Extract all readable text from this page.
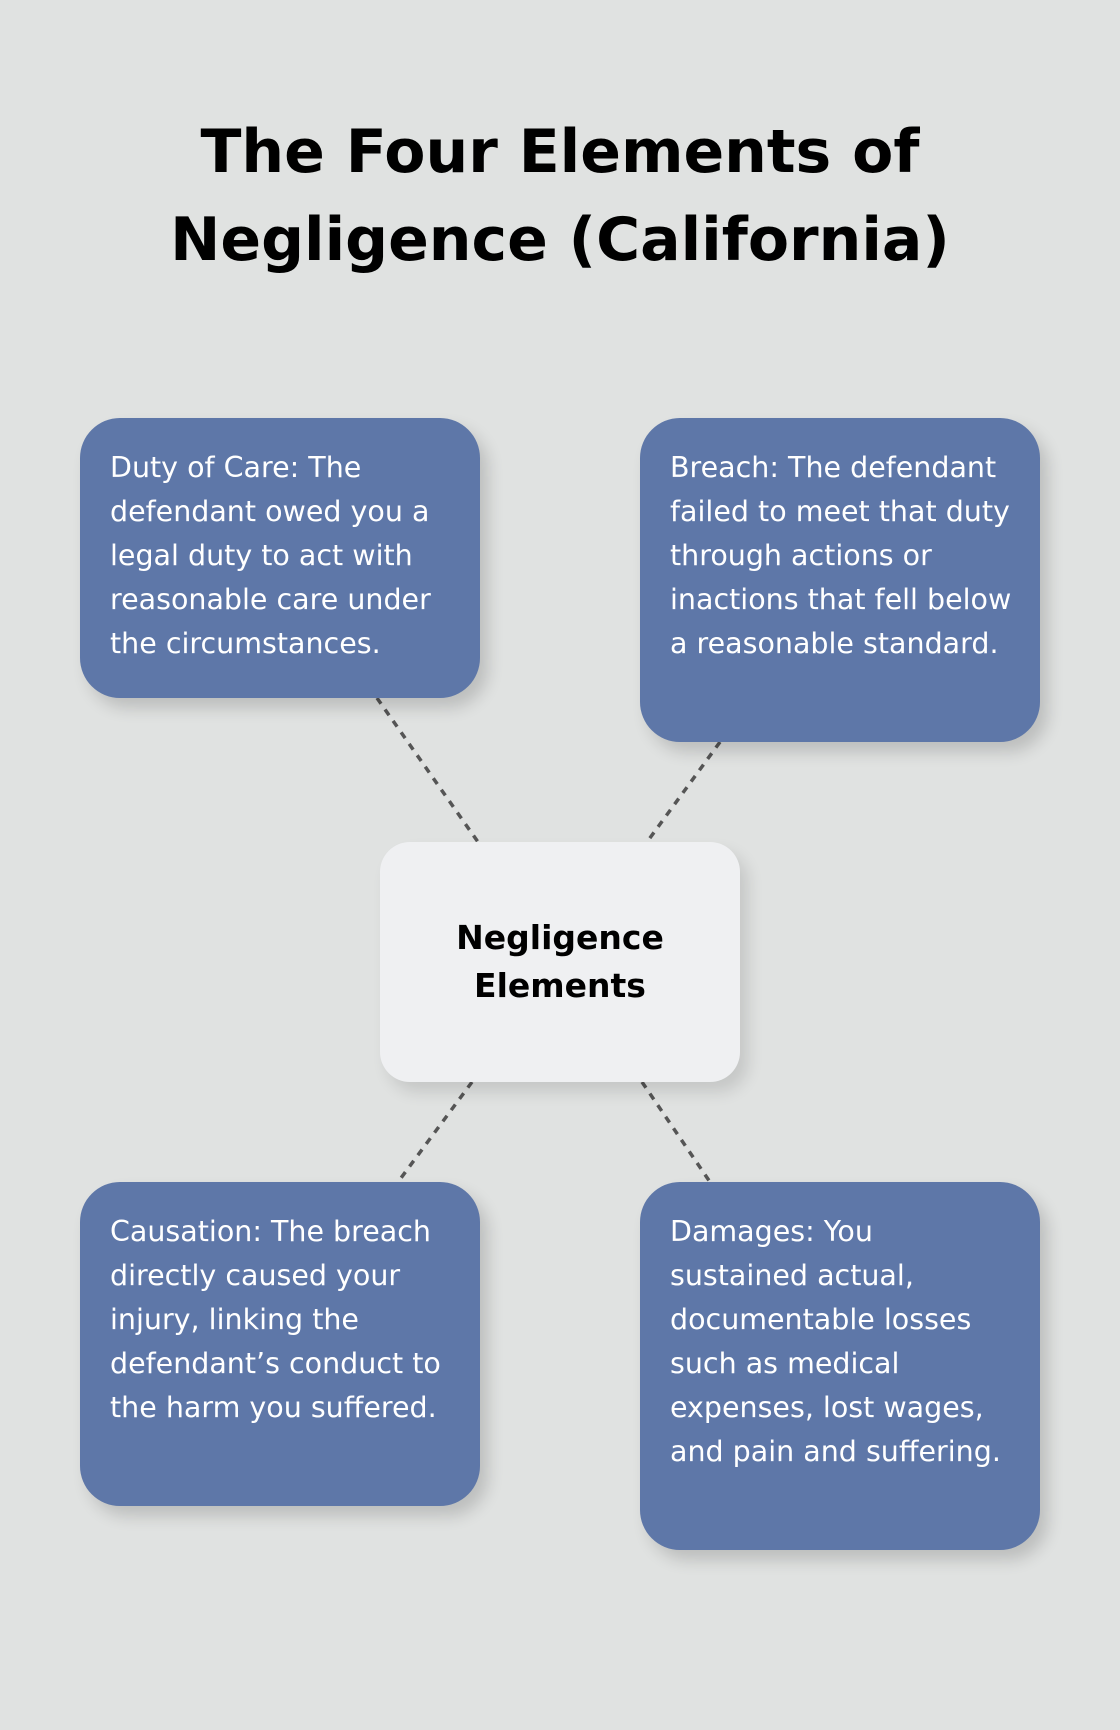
The Four Elements of
Negligence (California)
Duty of Care: The defendant owed you a legal duty to act with reasonable care under the circumstances.
Breach: The defendant failed to meet that duty through actions or inactions that fell below a reasonable standard.
Causation: The breach directly caused your injury, linking the defendant’s conduct to the harm you suffered.
Damages: You sustained actual, documentable losses such as medical expenses, lost wages, and pain and suffering.
Negligence Elements
